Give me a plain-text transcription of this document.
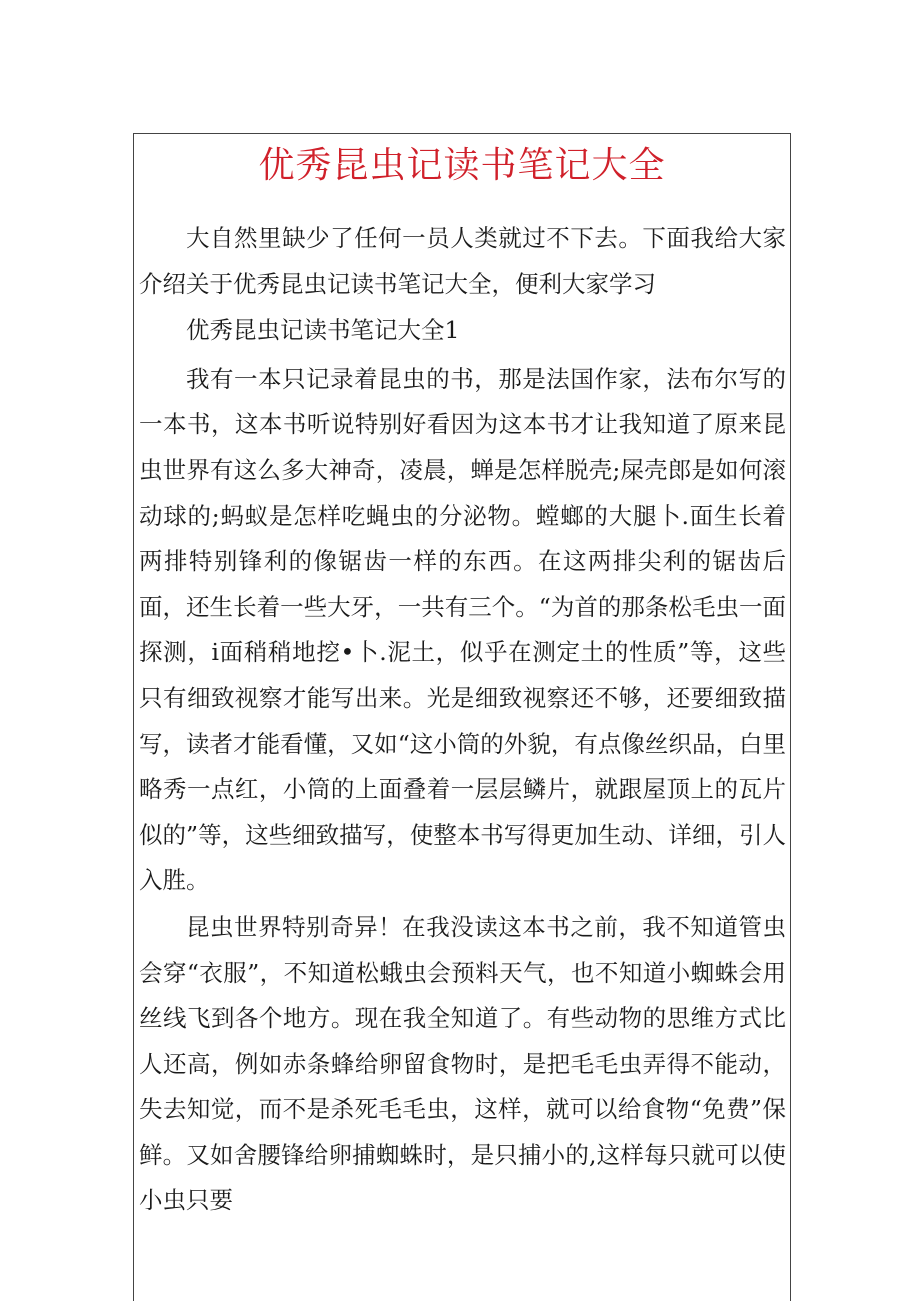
优秀昆虫记读书笔记大全

大自然里缺少了任何一员人类就过不下去。下面我给大家介绍关于优秀昆虫记读书笔记大全，便利大家学习

优秀昆虫记读书笔记大全1

我有一本只记录着昆虫的书，那是法国作家，法布尔写的一本书，这本书听说特别好看因为这本书才让我知道了原来昆虫世界有这么多大神奇，凌晨，蝉是怎样脱壳;屎壳郎是如何滚动球的;蚂蚁是怎样吃蝇虫的分泌物。螳螂的大腿卜.面生长着两排特别锋利的像锯齿一样的东西。在这两排尖利的锯齿后面，还生长着一些大牙，一共有三个。“为首的那条松毛虫一面探测，i面稍稍地挖•卜.泥土，似乎在测定土的性质”等，这些只有细致视察才能写出来。光是细致视察还不够，还要细致描写，读者才能看懂，又如“这小筒的外貌，有点像丝织品，白里略秀一点红，小筒的上面叠着一层层鳞片，就跟屋顶上的瓦片似的”等，这些细致描写，使整本书写得更加生动、详细，引人入胜。

昆虫世界特别奇异！在我没读这本书之前，我不知道管虫会穿“衣服”，不知道松蛾虫会预料天气，也不知道小蜘蛛会用丝线飞到各个地方。现在我全知道了。有些动物的思维方式比人还高，例如赤条蜂给卵留食物时，是把毛毛虫弄得不能动，失去知觉，而不是杀死毛毛虫，这样，就可以给食物“免费”保鲜。又如舍腰锋给卵捕蜘蛛时，是只捕小的,这样每只就可以使小虫只要
